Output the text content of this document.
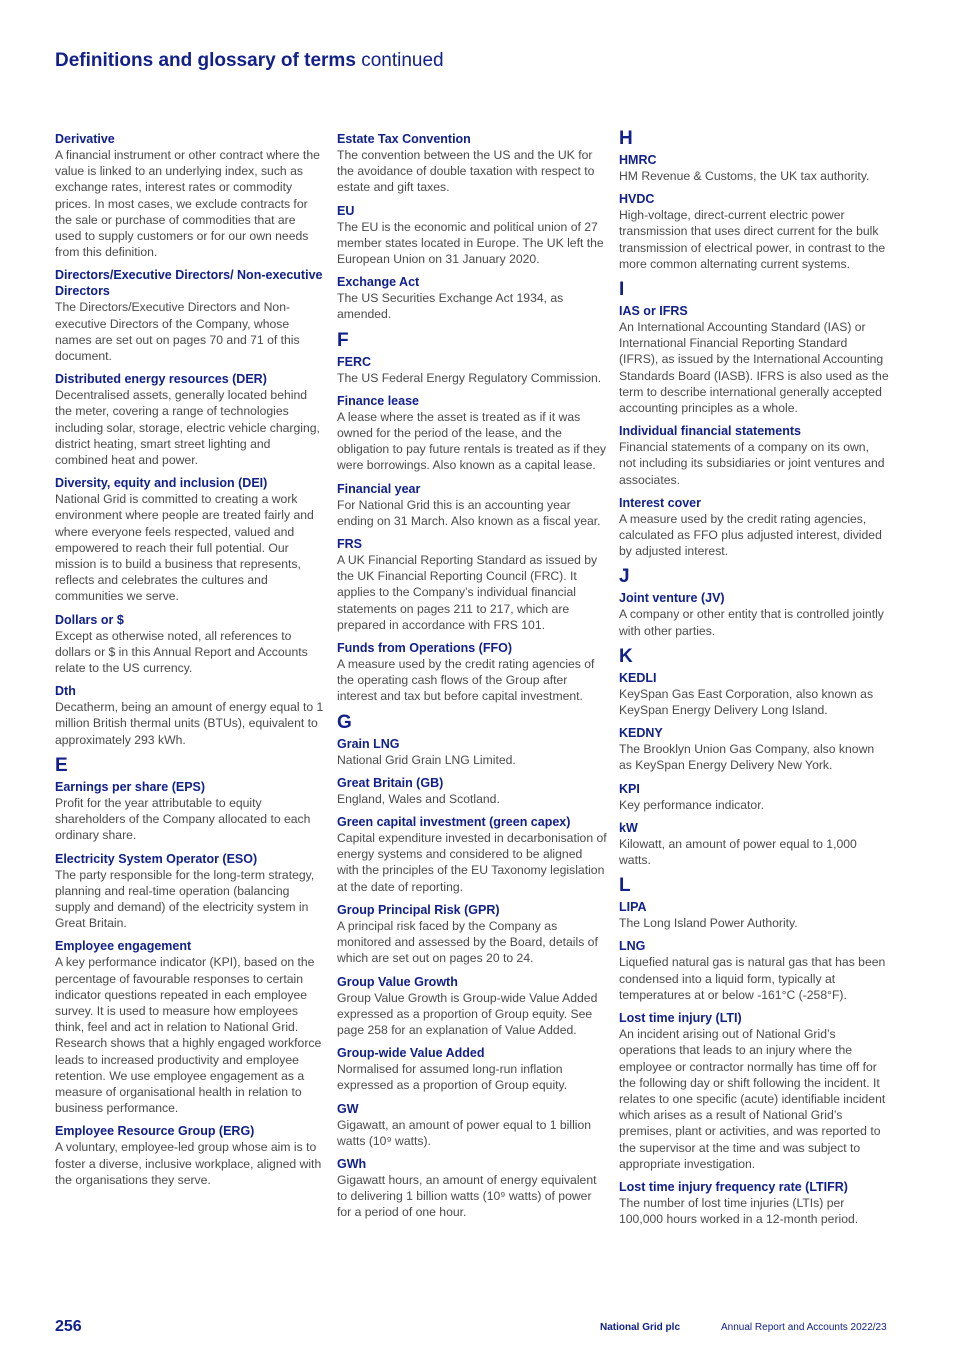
Definitions and glossary of terms continued
Derivative
A financial instrument or other contract where the value is linked to an underlying index, such as exchange rates, interest rates or commodity prices. In most cases, we exclude contracts for the sale or purchase of commodities that are used to supply customers or for our own needs from this definition.
Directors/Executive Directors/ Non-executive Directors
The Directors/Executive Directors and Non-executive Directors of the Company, whose names are set out on pages 70 and 71 of this document.
Distributed energy resources (DER)
Decentralised assets, generally located behind the meter, covering a range of technologies including solar, storage, electric vehicle charging, district heating, smart street lighting and combined heat and power.
Diversity, equity and inclusion (DEI)
National Grid is committed to creating a work environment where people are treated fairly and where everyone feels respected, valued and empowered to reach their full potential. Our mission is to build a business that represents, reflects and celebrates the cultures and communities we serve.
Dollars or $
Except as otherwise noted, all references to dollars or $ in this Annual Report and Accounts relate to the US currency.
Dth
Decatherm, being an amount of energy equal to 1 million British thermal units (BTUs), equivalent to approximately 293 kWh.
E
Earnings per share (EPS)
Profit for the year attributable to equity shareholders of the Company allocated to each ordinary share.
Electricity System Operator (ESO)
The party responsible for the long-term strategy, planning and real-time operation (balancing supply and demand) of the electricity system in Great Britain.
Employee engagement
A key performance indicator (KPI), based on the percentage of favourable responses to certain indicator questions repeated in each employee survey. It is used to measure how employees think, feel and act in relation to National Grid. Research shows that a highly engaged workforce leads to increased productivity and employee retention. We use employee engagement as a measure of organisational health in relation to business performance.
Employee Resource Group (ERG)
A voluntary, employee-led group whose aim is to foster a diverse, inclusive workplace, aligned with the organisations they serve.
Estate Tax Convention
The convention between the US and the UK for the avoidance of double taxation with respect to estate and gift taxes.
EU
The EU is the economic and political union of 27 member states located in Europe. The UK left the European Union on 31 January 2020.
Exchange Act
The US Securities Exchange Act 1934, as amended.
F
FERC
The US Federal Energy Regulatory Commission.
Finance lease
A lease where the asset is treated as if it was owned for the period of the lease, and the obligation to pay future rentals is treated as if they were borrowings. Also known as a capital lease.
Financial year
For National Grid this is an accounting year ending on 31 March. Also known as a fiscal year.
FRS
A UK Financial Reporting Standard as issued by the UK Financial Reporting Council (FRC). It applies to the Company’s individual financial statements on pages 211 to 217, which are prepared in accordance with FRS 101.
Funds from Operations (FFO)
A measure used by the credit rating agencies of the operating cash flows of the Group after interest and tax but before capital investment.
G
Grain LNG
National Grid Grain LNG Limited.
Great Britain (GB)
England, Wales and Scotland.
Green capital investment (green capex)
Capital expenditure invested in decarbonisation of energy systems and considered to be aligned with the principles of the EU Taxonomy legislation at the date of reporting.
Group Principal Risk (GPR)
A principal risk faced by the Company as monitored and assessed by the Board, details of which are set out on pages 20 to 24.
Group Value Growth
Group Value Growth is Group-wide Value Added expressed as a proportion of Group equity. See page 258 for an explanation of Value Added.
Group-wide Value Added
Normalised for assumed long-run inflation expressed as a proportion of Group equity.
GW
Gigawatt, an amount of power equal to 1 billion watts (10⁹ watts).
GWh
Gigawatt hours, an amount of energy equivalent to delivering 1 billion watts (10⁹ watts) of power for a period of one hour.
H
HMRC
HM Revenue & Customs, the UK tax authority.
HVDC
High-voltage, direct-current electric power transmission that uses direct current for the bulk transmission of electrical power, in contrast to the more common alternating current systems.
I
IAS or IFRS
An International Accounting Standard (IAS) or International Financial Reporting Standard (IFRS), as issued by the International Accounting Standards Board (IASB). IFRS is also used as the term to describe international generally accepted accounting principles as a whole.
Individual financial statements
Financial statements of a company on its own, not including its subsidiaries or joint ventures and associates.
Interest cover
A measure used by the credit rating agencies, calculated as FFO plus adjusted interest, divided by adjusted interest.
J
Joint venture (JV)
A company or other entity that is controlled jointly with other parties.
K
KEDLI
KeySpan Gas East Corporation, also known as KeySpan Energy Delivery Long Island.
KEDNY
The Brooklyn Union Gas Company, also known as KeySpan Energy Delivery New York.
KPI
Key performance indicator.
kW
Kilowatt, an amount of power equal to 1,000 watts.
L
LIPA
The Long Island Power Authority.
LNG
Liquefied natural gas is natural gas that has been condensed into a liquid form, typically at temperatures at or below -161°C (-258°F).
Lost time injury (LTI)
An incident arising out of National Grid’s operations that leads to an injury where the employee or contractor normally has time off for the following day or shift following the incident. It relates to one specific (acute) identifiable incident which arises as a result of National Grid’s premises, plant or activities, and was reported to the supervisor at the time and was subject to appropriate investigation.
Lost time injury frequency rate (LTIFR)
The number of lost time injuries (LTIs) per 100,000 hours worked in a 12-month period.
256	National Grid plc	Annual Report and Accounts 2022/23
